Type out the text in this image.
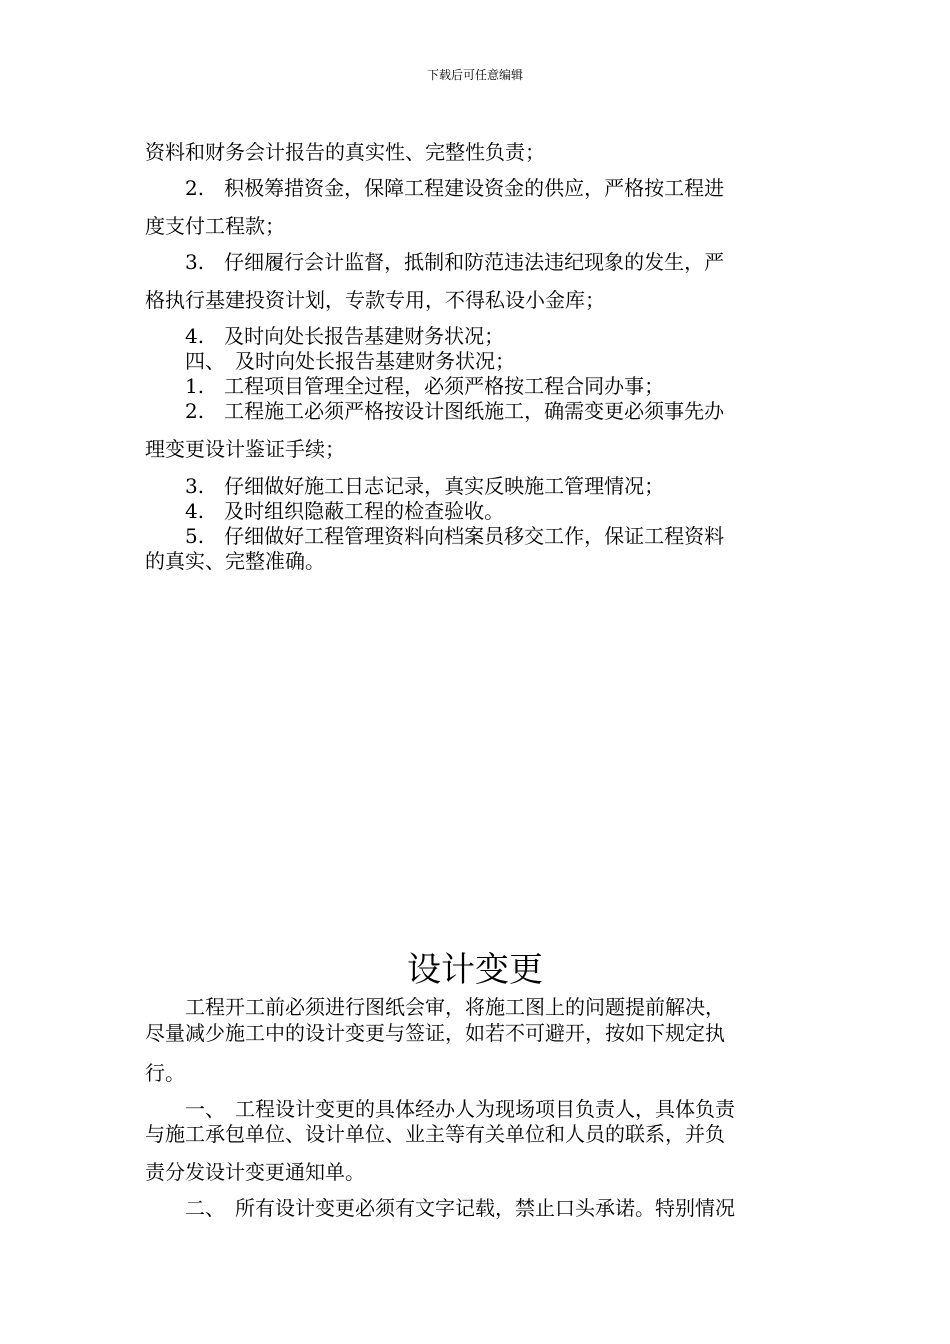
下载后可任意编辑
资料和财务会计报告的真实性、完整性负责；
　　2.　积极筹措资金，保障工程建设资金的供应，严格按工程进
度支付工程款；
　　3.　仔细履行会计监督，抵制和防范违法违纪现象的发生，严
格执行基建投资计划，专款专用，不得私设小金库；
　　4.　及时向处长报告基建财务状况；
　　四、　及时向处长报告基建财务状况；
　　1.　工程项目管理全过程，必须严格按工程合同办事；
　　2.　工程施工必须严格按设计图纸施工，确需变更必须事先办
理变更设计鉴证手续；
　　3.　仔细做好施工日志记录，真实反映施工管理情况；
　　4.　及时组织隐蔽工程的检查验收。
　　5.　仔细做好工程管理资料向档案员移交工作，保证工程资料
的真实、完整准确。
设计变更
　　工程开工前必须进行图纸会审，将施工图上的问题提前解决，
尽量减少施工中的设计变更与签证，如若不可避开，按如下规定执
行。
　　一、　工程设计变更的具体经办人为现场项目负责人，具体负责
与施工承包单位、设计单位、业主等有关单位和人员的联系，并负
责分发设计变更通知单。
　　二、　所有设计变更必须有文字记载，禁止口头承诺。特别情况
